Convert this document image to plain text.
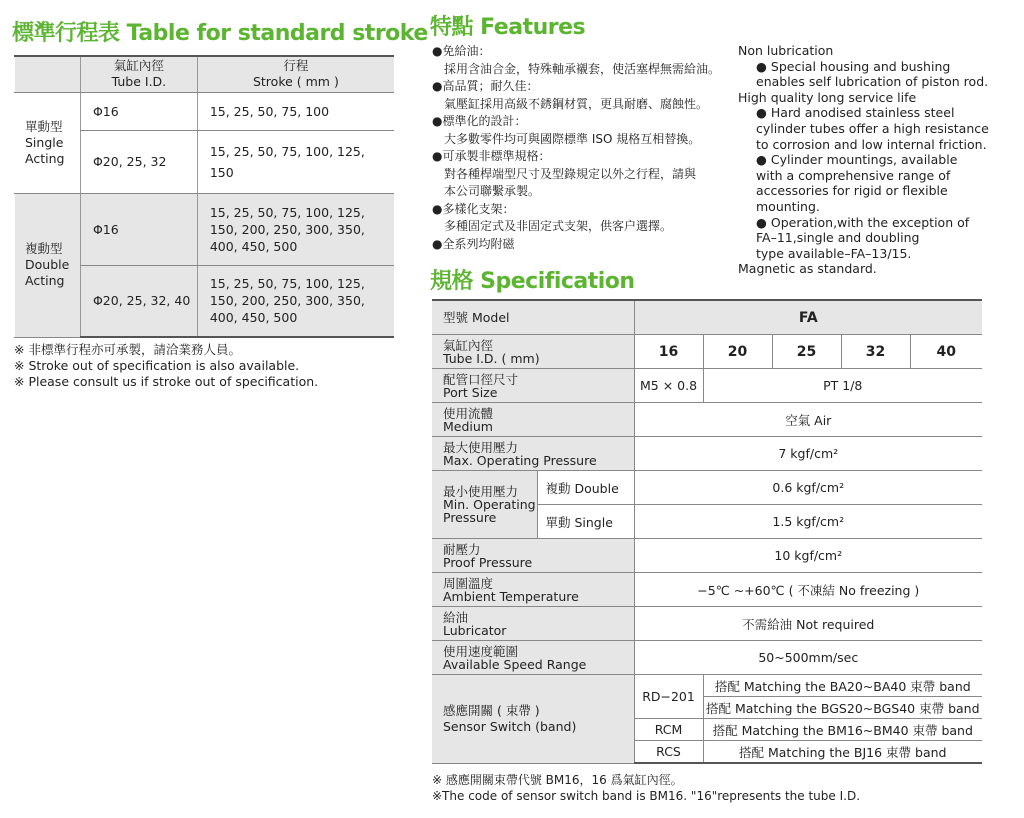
標準行程表 Table for standard stroke

	氣缸內徑
Tube I.D.	行程
Stroke ( mm )

單動型
Single
Acting	Φ16	15, 25, 50, 75, 100

	Φ20, 25, 32	15, 25, 50, 75, 100, 125,
150

複動型
Double
Acting	Φ16	15, 25, 50, 75, 100, 125,
150, 200, 250, 300, 350,
400, 450, 500

	Φ20, 25, 32, 40	15, 25, 50, 75, 100, 125,
150, 200, 250, 300, 350,
400, 450, 500
※ 非標準行程亦可承製，請洽業務人員。
※ Stroke out of specification is also available.
※ Please consult us if stroke out of specification.
特點 Features
●免給油：
採用含油合金，特殊軸承襯套，使活塞桿無需給油。
●高品質；耐久佳：
氣壓缸採用高級不銹鋼材質，更具耐磨、腐蝕性。
●標準化的設計：
大多數零件均可與國際標準 ISO 規格互相替換。
●可承製非標準規格：
對各種桿端型尺寸及型錄規定以外之行程，請與
本公司聯繫承製。
●多樣化支架：
多種固定式及非固定式支架，供客户選擇。
●全系列均附磁
Non lubrication
● Special housing and bushing
enables self lubrication of piston rod.
High quality long service life
● Hard anodised stainless steel
cylinder tubes offer a high resistance
to corrosion and low internal friction.
● Cylinder mountings, available
with a comprehensive range of
accessories for rigid or flexible
mounting.
● Operation,with the exception of
FA–11,single and doubling
type available–FA–13/15.
Magnetic as standard.
規格 Specification
型號 Model		FA				

氣缸內徑
Tube I.D. ( mm)		16	20	25	32	40

配管口徑尺寸
Port Size		M5 × 0.8	PT 1/8			

使用流體
Medium		空氣 Air				

最大使用壓力
Max. Operating Pressure		7 kgf/cm²				

最小使用壓力
Min. Operating
Pressure	複動 Double	0.6 kgf/cm²				
	單動 Single	1.5 kgf/cm²				

耐壓力
Proof Pressure		10 kgf/cm²				

周圍溫度
Ambient Temperature		−5℃ ~+60℃ ( 不凍結 No freezing )				

給油
Lubricator		不需給油 Not required				

使用速度範圍
Available Speed Range		50~500mm/sec				

感應開關 ( 束帶 )
Sensor Switch (band)		RD−201	搭配 Matching the BA20~BA40 束帶 band			
			搭配 Matching the BGS20~BGS40 束帶 band			
		RCM	搭配 Matching the BM16~BM40 束帶 band			
		RCS	搭配 Matching the BJ16 束帶 band			
※ 感應開關束帶代號 BM16，16 爲氣缸內徑。
※The code of sensor switch band is BM16. "16"represents the tube I.D.
